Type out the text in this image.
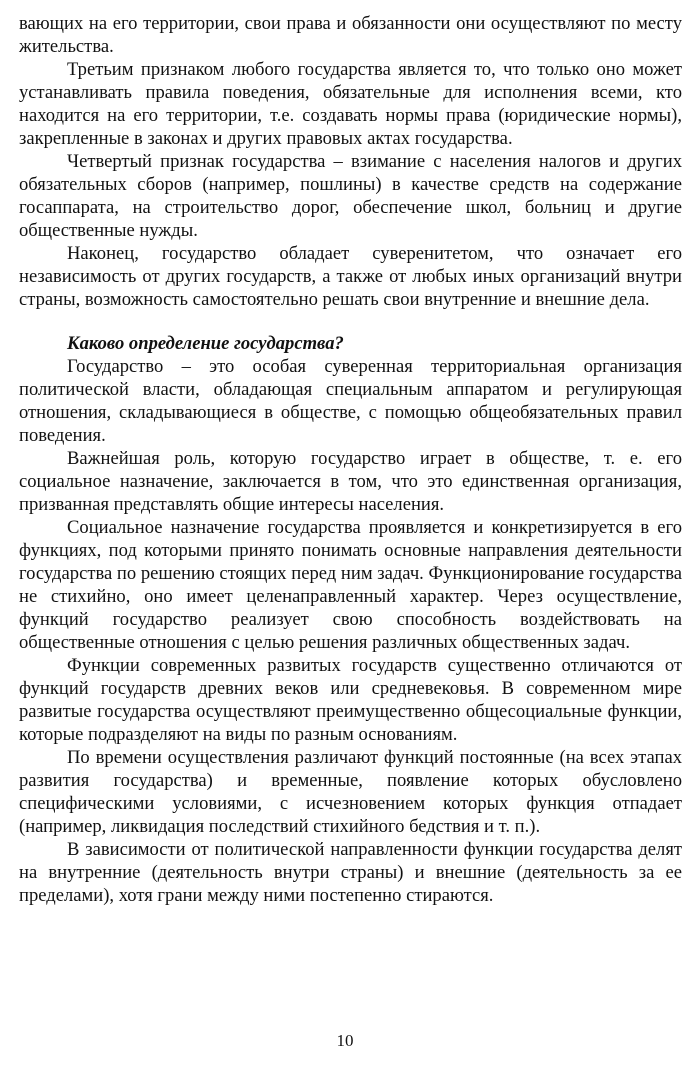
вающих на его территории, свои права и обязанности они осуществляют по месту жительства.

Третьим признаком любого государства является то, что только оно может устанавливать правила поведения, обязательные для исполнения всеми, кто находится на его территории, т.е. создавать нормы права (юридические нормы), закрепленные в законах и других правовых актах государства.

Четвертый признак государства – взимание с населения налогов и других обязательных сборов (например, пошлины) в качестве средств на содержание госаппарата, на строительство дорог, обеспечение школ, больниц и другие общественные нужды.

Наконец, государство обладает суверенитетом, что означает его независимость от других государств, а также от любых иных организаций внутри страны, возможность самостоятельно решать свои внутренние и внешние дела.

Каково определение государства?

Государство – это особая суверенная территориальная организация политической власти, обладающая специальным аппаратом и регулирующая отношения, складывающиеся в обществе, с помощью общеобязательных правил поведения.

Важнейшая роль, которую государство играет в обществе, т. е. его социальное назначение, заключается в том, что это единственная организация, призванная представлять общие интересы населения.

Социальное назначение государства проявляется и конкретизируется в его функциях, под которыми принято понимать основные направления деятельности государства по решению стоящих перед ним задач. Функционирование государства не стихийно, оно имеет целенаправленный характер. Через осуществление, функций государство реализует свою способность воздействовать на общественные отношения с целью решения различных общественных задач.

Функции современных развитых государств существенно отличаются от функций государств древних веков или средневековья. В современном мире развитые государства осуществляют преимущественно общесоциальные функции, которые подразделяют на виды по разным основаниям.

По времени осуществления различают функций постоянные (на всех этапах развития государства) и временные, появление которых обусловлено специфическими условиями, с исчезновением которых функция отпадает (например, ликвидация последствий стихийного бедствия и т. п.).

В зависимости от политической направленности функции государства делят на внутренние (деятельность внутри страны) и внешние (деятельность за ее пределами), хотя грани между ними постепенно стираются.

10
